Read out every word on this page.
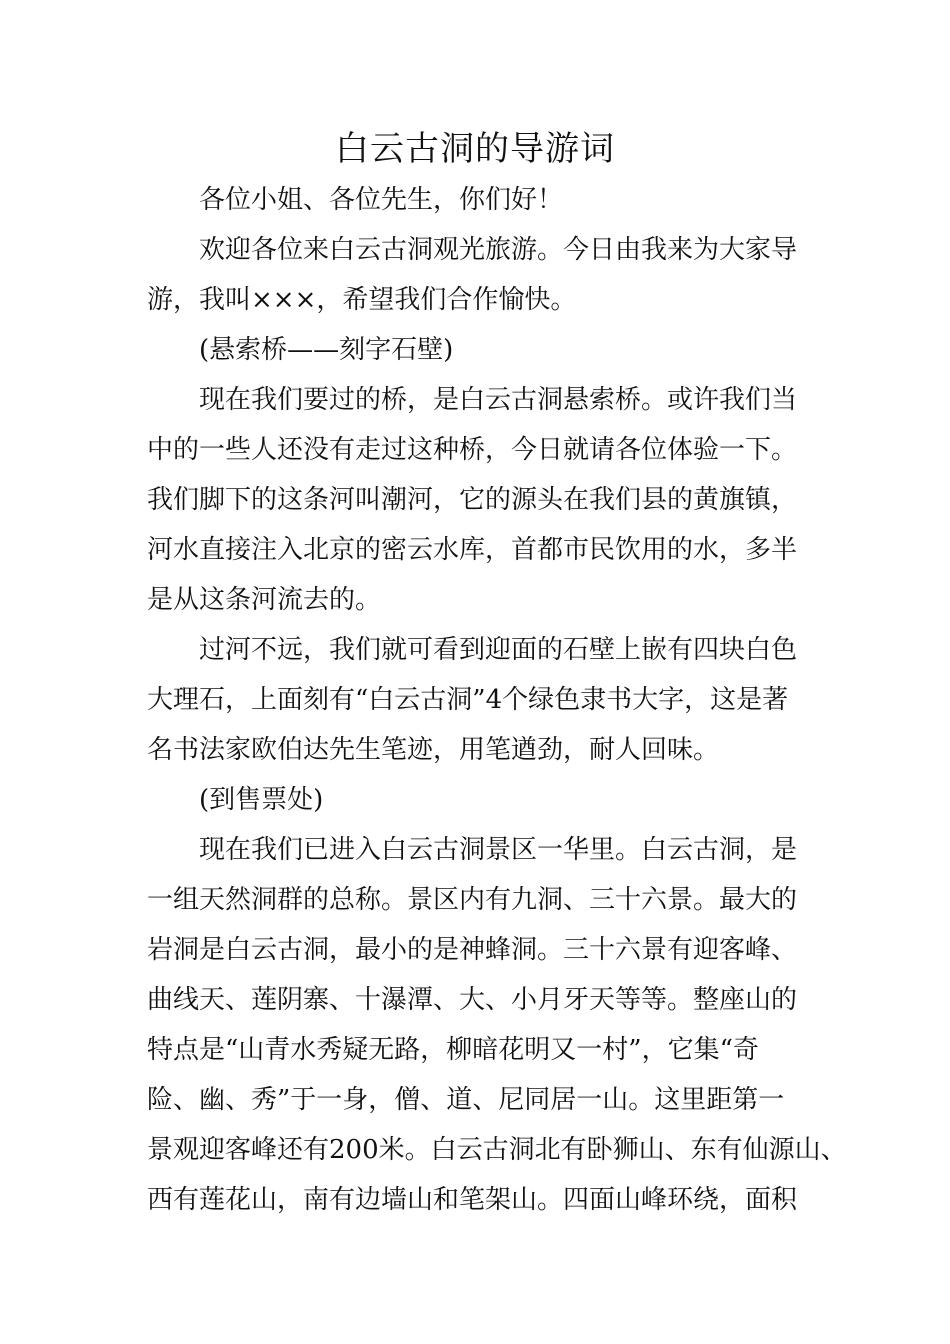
白云古洞的导游词
各位小姐、各位先生，你们好！
欢迎各位来白云古洞观光旅游。今日由我来为大家导
游，我叫×××，希望我们合作愉快。
(悬索桥——刻字石壁)
现在我们要过的桥，是白云古洞悬索桥。或许我们当
中的一些人还没有走过这种桥，今日就请各位体验一下。
我们脚下的这条河叫潮河，它的源头在我们县的黄旗镇，
河水直接注入北京的密云水库，首都市民饮用的水，多半
是从这条河流去的。
过河不远，我们就可看到迎面的石壁上嵌有四块白色
大理石，上面刻有“白云古洞”4个绿色隶书大字，这是著
名书法家欧伯达先生笔迹，用笔遒劲，耐人回味。
(到售票处)
现在我们已进入白云古洞景区一华里。白云古洞，是
一组天然洞群的总称。景区内有九洞、三十六景。最大的
岩洞是白云古洞，最小的是神蜂洞。三十六景有迎客峰、
曲线天、莲阴寨、十瀑潭、大、小月牙天等等。整座山的
特点是“山青水秀疑无路，柳暗花明又一村”，它集“奇
险、幽、秀”于一身，僧、道、尼同居一山。这里距第一
景观迎客峰还有200米。白云古洞北有卧狮山、东有仙源山、
西有莲花山，南有边墙山和笔架山。四面山峰环绕，面积
